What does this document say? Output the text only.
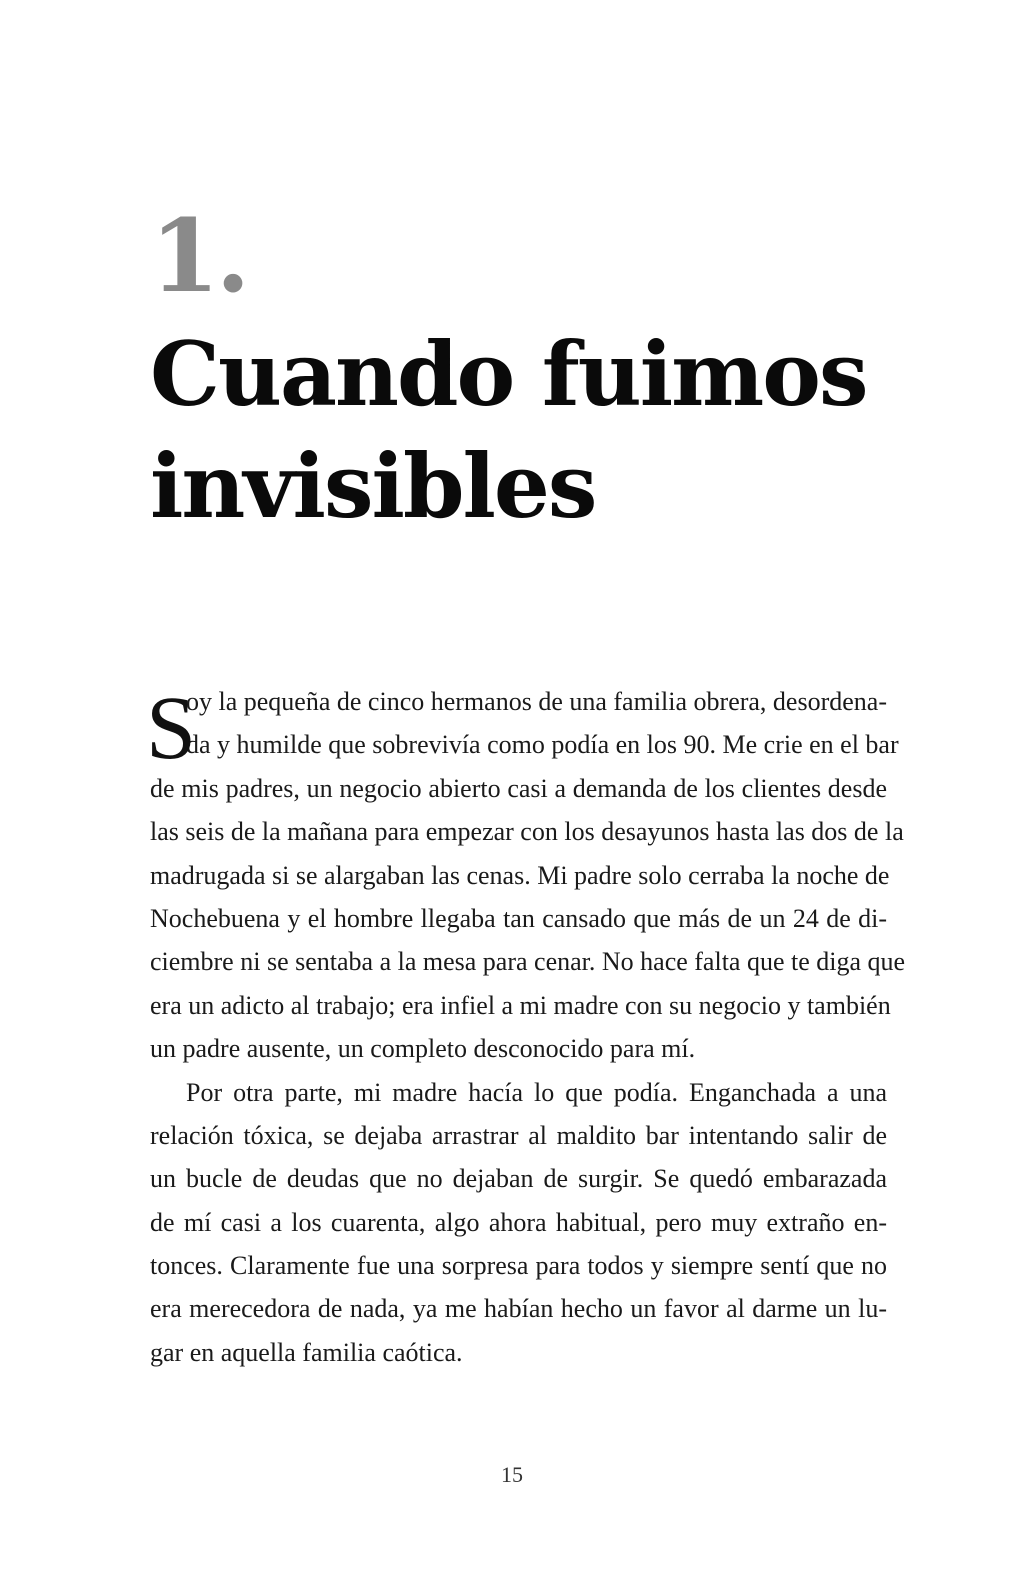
1.
Cuando fuimos
invisibles
S
oy la pequeña de cinco hermanos de una familia obrera, desordena-
da y humilde que sobrevivía como podía en los 90. Me crie en el bar
de mis padres, un negocio abierto casi a demanda de los clientes desde
las seis de la mañana para empezar con los desayunos hasta las dos de la
madrugada si se alargaban las cenas. Mi padre solo cerraba la noche de
Nochebuena y el hombre llegaba tan cansado que más de un 24 de di-
ciembre ni se sentaba a la mesa para cenar. No hace falta que te diga que
era un adicto al trabajo; era infiel a mi madre con su negocio y también
un padre ausente, un completo desconocido para mí.
Por otra parte, mi madre hacía lo que podía. Enganchada a una
relación tóxica, se dejaba arrastrar al maldito bar intentando salir de
un bucle de deudas que no dejaban de surgir. Se quedó embarazada
de mí casi a los cuarenta, algo ahora habitual, pero muy extraño en-
tonces. Claramente fue una sorpresa para todos y siempre sentí que no
era merecedora de nada, ya me habían hecho un favor al darme un lu-
gar en aquella familia caótica.
15
